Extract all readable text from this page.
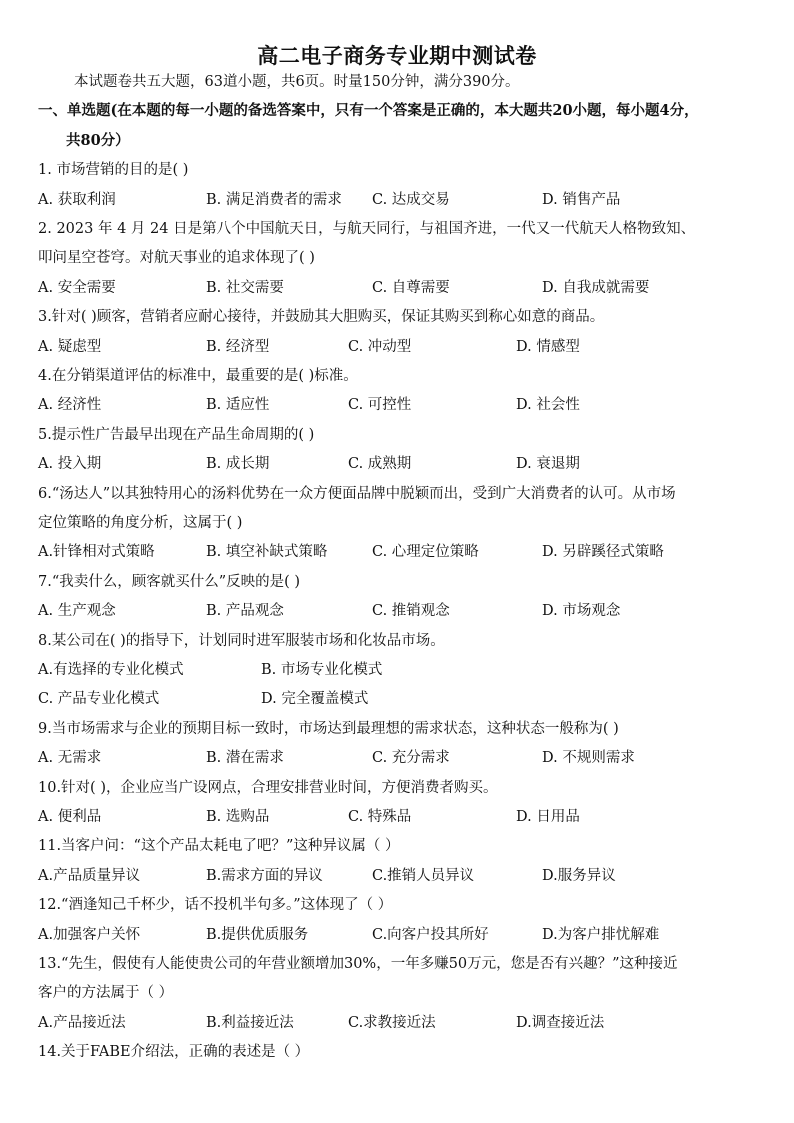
高二电子商务专业期中测试卷
本试题卷共五大题，63道小题，共6页。时量150分钟，满分390分。
一、单选题(在本题的每一小题的备选答案中，只有一个答案是正确的，本大题共20小题，每小题4分，
共80分）
1. 市场营销的目的是( )
A. 获取利润	B. 满足消费者的需求 C. 达成交易	D. 销售产品
2. 2023 年 4 月 24 日是第八个中国航天日，与航天同行，与祖国齐进，一代又一代航天人格物致知、
叩问星空苍穹。对航天事业的追求体现了( )
A. 安全需要	B. 社交需要	C. 自尊需要	D. 自我成就需要
3.针对( )顾客，营销者应耐心接待，并鼓励其大胆购买，保证其购买到称心如意的商品。
A. 疑虑型	B. 经济型	C. 冲动型	D. 情感型
4.在分销渠道评估的标准中，最重要的是( )标准。
A. 经济性	B. 适应性	C. 可控性	D. 社会性
5.提示性广告最早出现在产品生命周期的( )
A. 投入期	B. 成长期	C. 成熟期	D. 衰退期
6.“汤达人”以其独特用心的汤料优势在一众方便面品牌中脱颖而出，受到广大消费者的认可。从市场
定位策略的角度分析，这属于( )
A.针锋相对式策略	B. 填空补缺式策略	C. 心理定位策略	D. 另辟蹊径式策略
7.“我卖什么，顾客就买什么”反映的是( )
A. 生产观念	B. 产品观念	C. 推销观念	D. 市场观念
8.某公司在( )的指导下，计划同时进军服装市场和化妆品市场。
A.有选择的专业化模式	B. 市场专业化模式
C. 产品专业化模式	D. 完全覆盖模式
9.当市场需求与企业的预期目标一致时，市场达到最理想的需求状态，这种状态一般称为( )
A. 无需求	B. 潜在需求	C. 充分需求	D. 不规则需求
10.针对( )，企业应当广设网点，合理安排营业时间，方便消费者购买。
A. 便利品	B. 选购品	C. 特殊品	D. 日用品
11.当客户问：“这个产品太耗电了吧？”这种异议属（ ）
A.产品质量异议	B.需求方面的异议	C.推销人员异议	D.服务异议
12.“酒逢知己千杯少，话不投机半句多。”这体现了（ ）
A.加强客户关怀	B.提供优质服务	C.向客户投其所好	D.为客户排忧解难
13.“先生，假使有人能使贵公司的年营业额增加30%，一年多赚50万元，您是否有兴趣？”这种接近
客户的方法属于（ ）
A.产品接近法	B.利益接近法	C.求教接近法	D.调查接近法
14.关于FABE介绍法，正确的表述是（ ）
